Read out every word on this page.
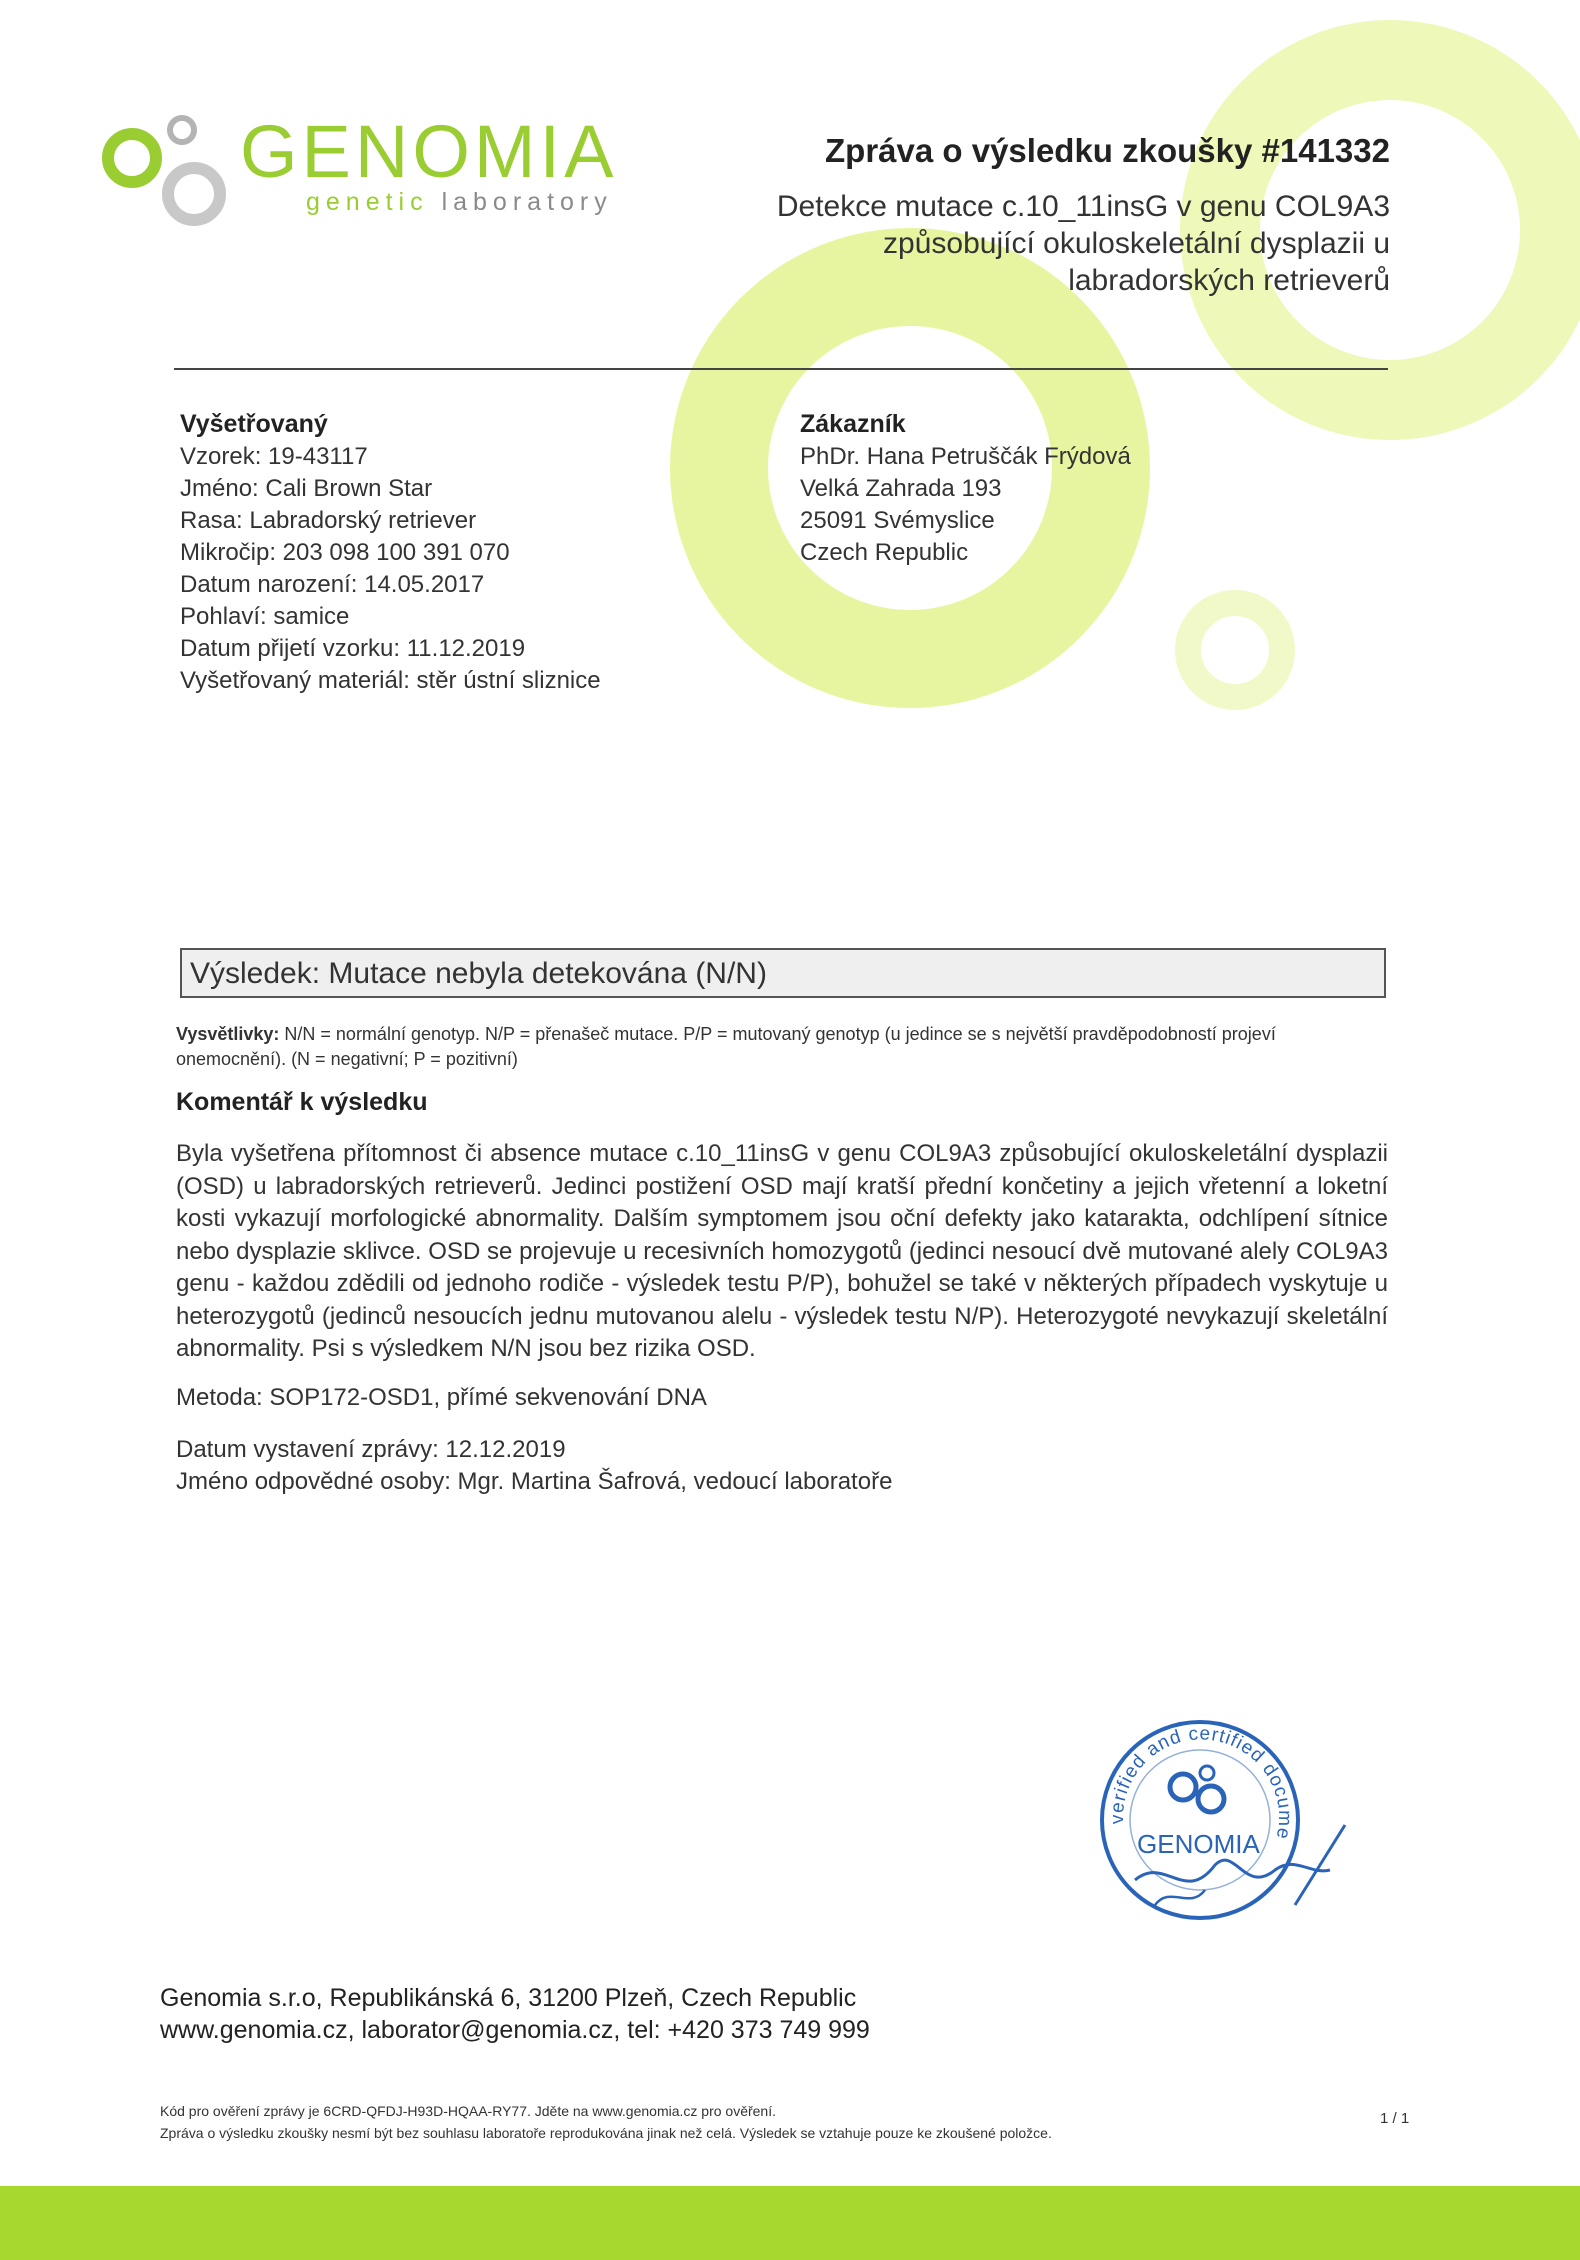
GENOMIA
genetic laboratory
Zpráva o výsledku zkoušky #141332
Detekce mutace c.10_11insG v genu COL9A3 způsobující okuloskeletální dysplazii u labradorských retrieverů
Vyšetřovaný
Vzorek: 19-43117
Jméno: Cali Brown Star
Rasa: Labradorský retriever
Mikročip: 203 098 100 391 070
Datum narození: 14.05.2017
Pohlaví: samice
Datum přijetí vzorku: 11.12.2019
Vyšetřovaný materiál: stěr ústní sliznice
Zákazník
PhDr. Hana Petruščák Frýdová
Velká Zahrada 193
25091 Svémyslice
Czech Republic
Výsledek: Mutace nebyla detekována (N/N)
Vysvětlivky: N/N = normální genotyp. N/P = přenašeč mutace. P/P = mutovaný genotyp (u jedince se s největší pravděpodobností projeví onemocnění). (N = negativní; P = pozitivní)
Komentář k výsledku
Byla vyšetřena přítomnost či absence mutace c.10_11insG v genu COL9A3 způsobující okuloskeletální dysplazii (OSD) u labradorských retrieverů. Jedinci postižení OSD mají kratší přední končetiny a jejich vřetenní a loketní kosti vykazují morfologické abnormality. Dalším symptomem jsou oční defekty jako katarakta, odchlípení sítnice nebo dysplazie sklivce. OSD se projevuje u recesivních homozygotů (jedinci nesoucí dvě mutované alely COL9A3 genu - každou zdědili od jednoho rodiče - výsledek testu P/P), bohužel se také v některých případech vyskytuje u heterozygotů (jedinců nesoucích jednu mutovanou alelu - výsledek testu N/P). Heterozygoté nevykazují skeletální abnormality. Psi s výsledkem N/N jsou bez rizika OSD.
Metoda: SOP172-OSD1, přímé sekvenování DNA
Datum vystavení zprávy: 12.12.2019
Jméno odpovědné osoby: Mgr. Martina Šafrová, vedoucí laboratoře
verified and certified docume
GENOMIA
Genomia s.r.o, Republikánská 6, 31200 Plzeň, Czech Republic
www.genomia.cz, laborator@genomia.cz, tel: +420 373 749 999
Kód pro ověření zprávy je 6CRD-QFDJ-H93D-HQAA-RY77. Jděte na www.genomia.cz pro ověření.
Zpráva o výsledku zkoušky nesmí být bez souhlasu laboratoře reprodukována jinak než celá. Výsledek se vztahuje pouze ke zkoušené položce.
1 / 1
